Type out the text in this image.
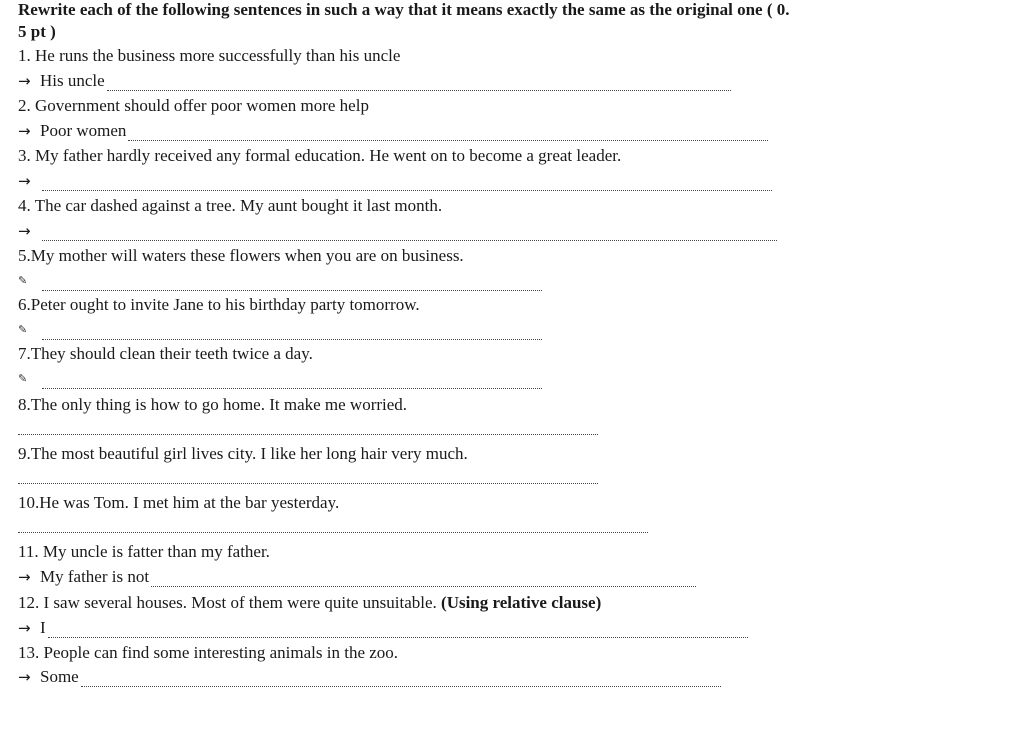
Rewrite each of the following sentences in such a way that it means exactly the same as the original one ( 0.
5 pt )
1. He runs the business more successfully than his uncle
→ His uncle
2. Government should offer poor women more help
→ Poor women
3. My father hardly received any formal education. He went on to become a great leader.
→
4. The car dashed against a tree. My aunt bought it last month.
→
5.My mother will waters these flowers when you are on business.
✎
6.Peter ought to invite Jane to his birthday party tomorrow.
✎
7.They should clean their teeth twice a day.
✎
8.The only thing is how to go home. It make me worried.
9.The most beautiful girl lives city. I like her long hair very much.
10.He was Tom. I met him at the bar yesterday.
11. My uncle is fatter than my father.
→ My father is not
12. I saw several houses. Most of them were quite unsuitable. (Using relative clause)
→ I
13. People can find some interesting animals in the zoo.
→ Some
